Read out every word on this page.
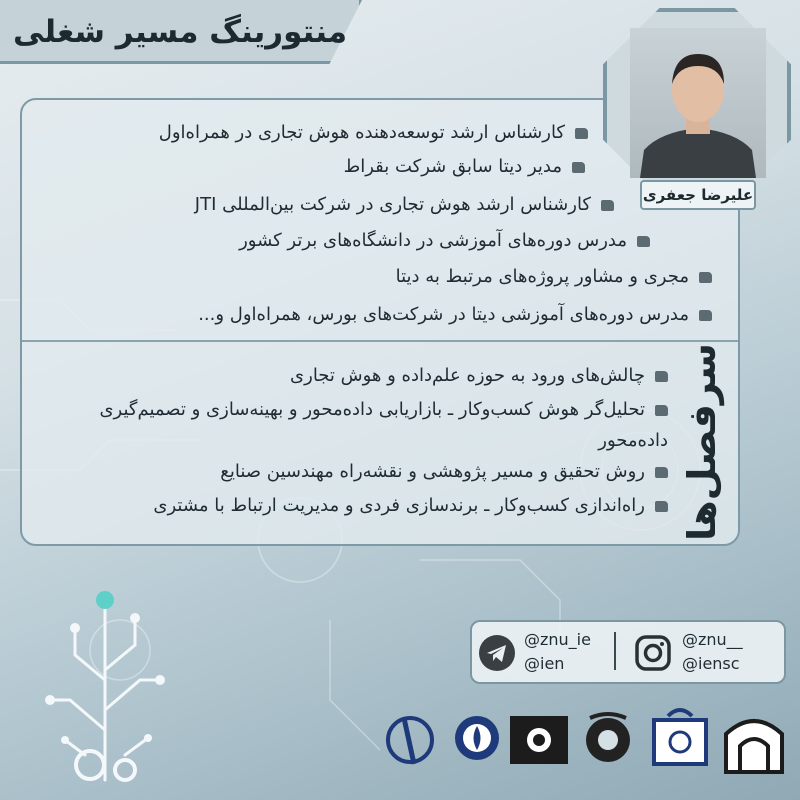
منتورینگ مسیر شغلی
کارشناس ارشد توسعه‌دهنده هوش تجاری در همراه‌اول
مدیر دیتا سابق شرکت بقراط
کارشناس ارشد هوش تجاری در شرکت بین‌المللی JTI
مدرس دوره‌های آموزشی در دانشگاه‌های برتر کشور
مجری و مشاور پروژه‌های مرتبط به دیتا
مدرس دوره‌های آموزشی دیتا در شرکت‌های بورس، همراه‌اول و...
سرفصل‌ها
چالش‌های ورود به حوزه علم‌داده و هوش تجاری
تحلیل‌گر هوش کسب‌وکار ـ بازاریابی داده‌محور و بهینه‌سازی و تصمیم‌گیری داده‌محور
روش تحقیق و مسیر پژوهشی و نقشه‌راه مهندسین صنایع
راه‌اندازی کسب‌وکار ـ برندسازی فردی و مدیریت ارتباط با مشتری
علیرضا جعفری
@znu_ie
@ien
@znu__
@iensc
